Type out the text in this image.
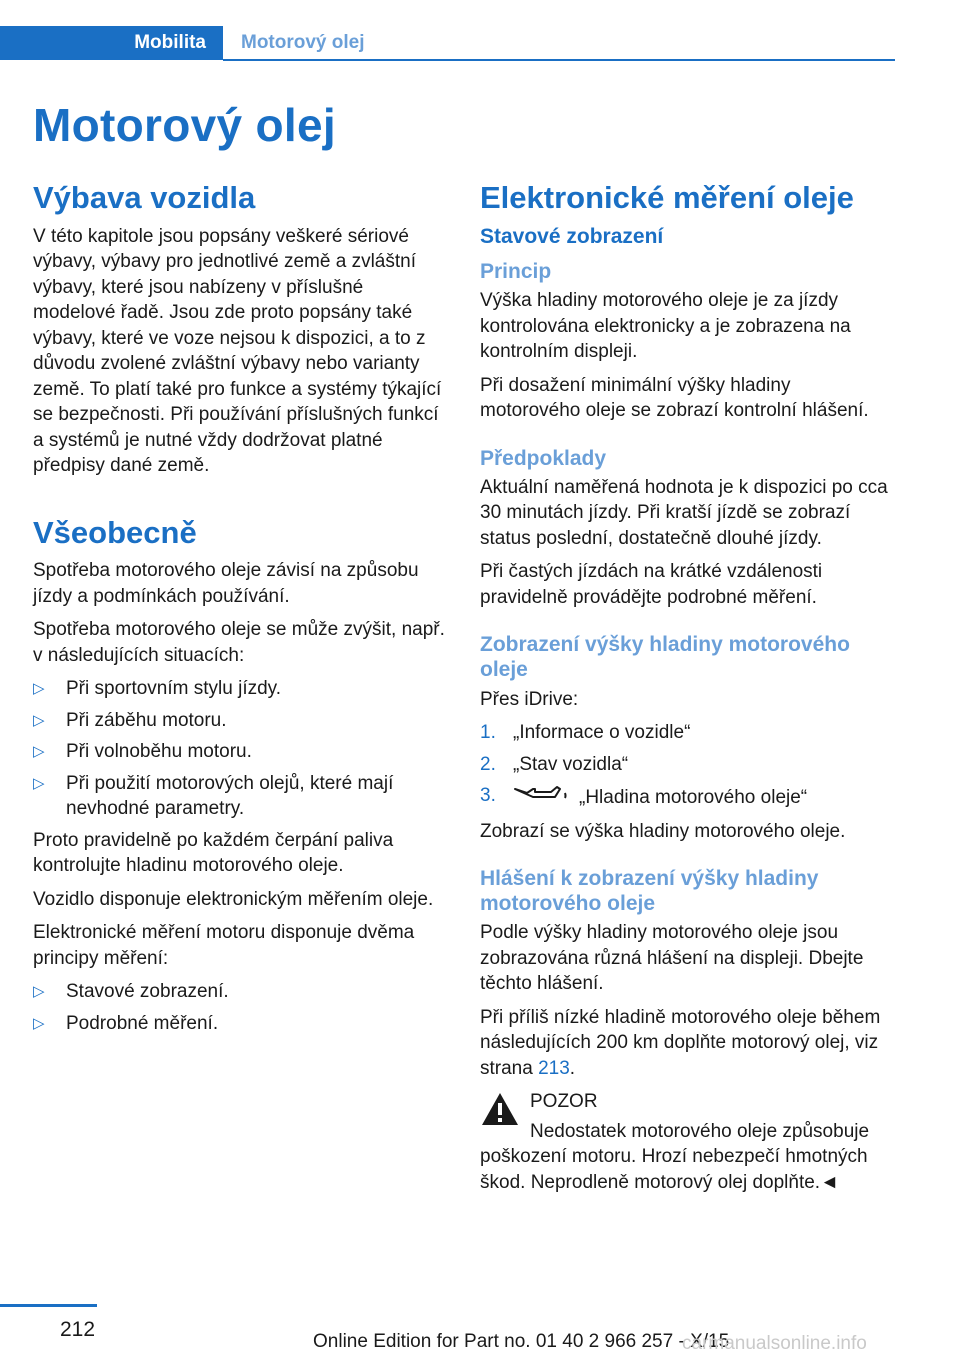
Mobilita	Motorový olej
Motorový olej
Výbava vozidla

V této kapitole jsou popsány veškeré sériové výbavy, výbavy pro jednotlivé země a zvláštní výbavy, které jsou nabízeny v příslušné modelové řadě. Jsou zde proto popsány také výbavy, které ve voze nejsou k dispozici, a to z důvodu zvolené zvláštní výbavy nebo varianty země. To platí také pro funkce a systémy týkající se bezpečnosti. Při používání příslušných funkcí a systémů je nutné vždy dodržovat platné předpisy dané země.

Všeobecně

Spotřeba motorového oleje závisí na způsobu jízdy a podmínkách používání.

Spotřeba motorového oleje se může zvýšit, např. v následujících situacích:

▷ Při sportovním stylu jízdy.
▷ Při záběhu motoru.
▷ Při volnoběhu motoru.
▷ Při použití motorových olejů, které mají nevhodné parametry.

Proto pravidelně po každém čerpání paliva kontrolujte hladinu motorového oleje.

Vozidlo disponuje elektronickým měřením oleje.

Elektronické měření motoru disponuje dvěma principy měření:

▷ Stavové zobrazení.
▷ Podrobné měření.
Elektronické měření oleje
Stavové zobrazení
Princip

Výška hladiny motorového oleje je za jízdy kontrolována elektronicky a je zobrazena na kontrolním displeji.

Při dosažení minimální výšky hladiny motorového oleje se zobrazí kontrolní hlášení.

Předpoklady

Aktuální naměřená hodnota je k dispozici po cca 30 minutách jízdy. Při kratší jízdě se zobrazí status poslední, dostatečně dlouhé jízdy.

Při častých jízdách na krátké vzdálenosti pravidelně provádějte podrobné měření.

Zobrazení výšky hladiny motorového oleje

Přes iDrive:

1. „Informace o vozidle“
2. „Stav vozidla“
3.	„Hladina motorového oleje“

Zobrazí se výška hladiny motorového oleje.

Hlášení k zobrazení výšky hladiny motorového oleje

Podle výšky hladiny motorového oleje jsou zobrazována různá hlášení na displeji. Dbejte těchto hlášení.

Při příliš nízké hladině motorového oleje během následujících 200 km doplňte motorový olej, viz strana 213.

POZOR

Nedostatek motorového oleje způsobuje poškození motoru. Hrozí nebezpečí hmotných škod. Neprodleně motorový olej doplňte.◄

212
Online Edition for Part no. 01 40 2 966 257 - X/15
carmanualsonline.info
